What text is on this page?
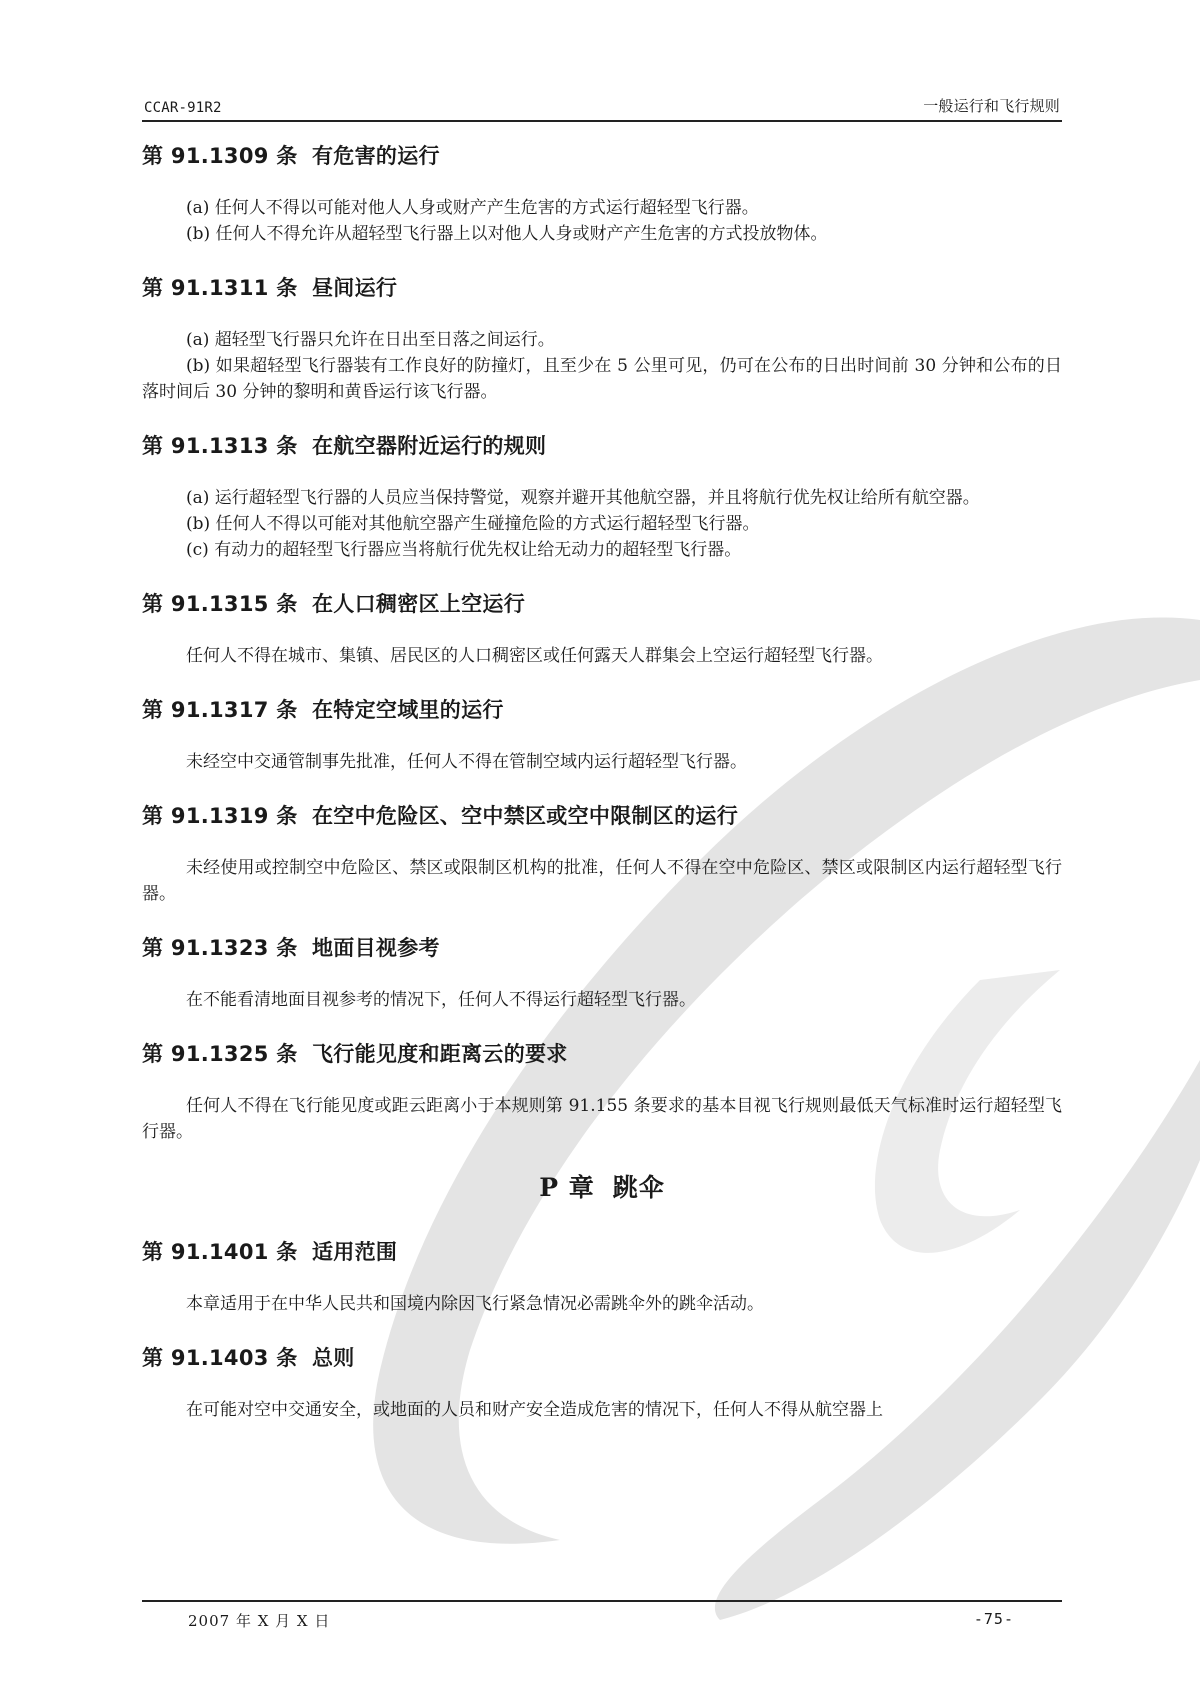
CCAR-91R2	一般运行和飞行规则
第 91.1309 条 有危害的运行

(a) 任何人不得以可能对他人人身或财产产生危害的方式运行超轻型飞行器。

(b) 任何人不得允许从超轻型飞行器上以对他人人身或财产产生危害的方式投放物体。

第 91.1311 条 昼间运行

(a) 超轻型飞行器只允许在日出至日落之间运行。

(b) 如果超轻型飞行器装有工作良好的防撞灯，且至少在 5 公里可见，仍可在公布的日出时间前 30 分钟和公布的日落时间后 30 分钟的黎明和黄昏运行该飞行器。

第 91.1313 条 在航空器附近运行的规则

(a) 运行超轻型飞行器的人员应当保持警觉，观察并避开其他航空器，并且将航行优先权让给所有航空器。

(b) 任何人不得以可能对其他航空器产生碰撞危险的方式运行超轻型飞行器。

(c) 有动力的超轻型飞行器应当将航行优先权让给无动力的超轻型飞行器。

第 91.1315 条 在人口稠密区上空运行

任何人不得在城市、集镇、居民区的人口稠密区或任何露天人群集会上空运行超轻型飞行器。

第 91.1317 条 在特定空域里的运行

未经空中交通管制事先批准，任何人不得在管制空域内运行超轻型飞行器。

第 91.1319 条 在空中危险区、空中禁区或空中限制区的运行

未经使用或控制空中危险区、禁区或限制区机构的批准，任何人不得在空中危险区、禁区或限制区内运行超轻型飞行器。

第 91.1323 条 地面目视参考

在不能看清地面目视参考的情况下，任何人不得运行超轻型飞行器。

第 91.1325 条 飞行能见度和距离云的要求

任何人不得在飞行能见度或距云距离小于本规则第 91.155 条要求的基本目视飞行规则最低天气标准时运行超轻型飞行器。

P 章 跳伞
第 91.1401 条 适用范围

本章适用于在中华人民共和国境内除因飞行紧急情况必需跳伞外的跳伞活动。

第 91.1403 条 总则

在可能对空中交通安全，或地面的人员和财产安全造成危害的情况下，任何人不得从航空器上

2007 年 X 月 X 日	-75-
